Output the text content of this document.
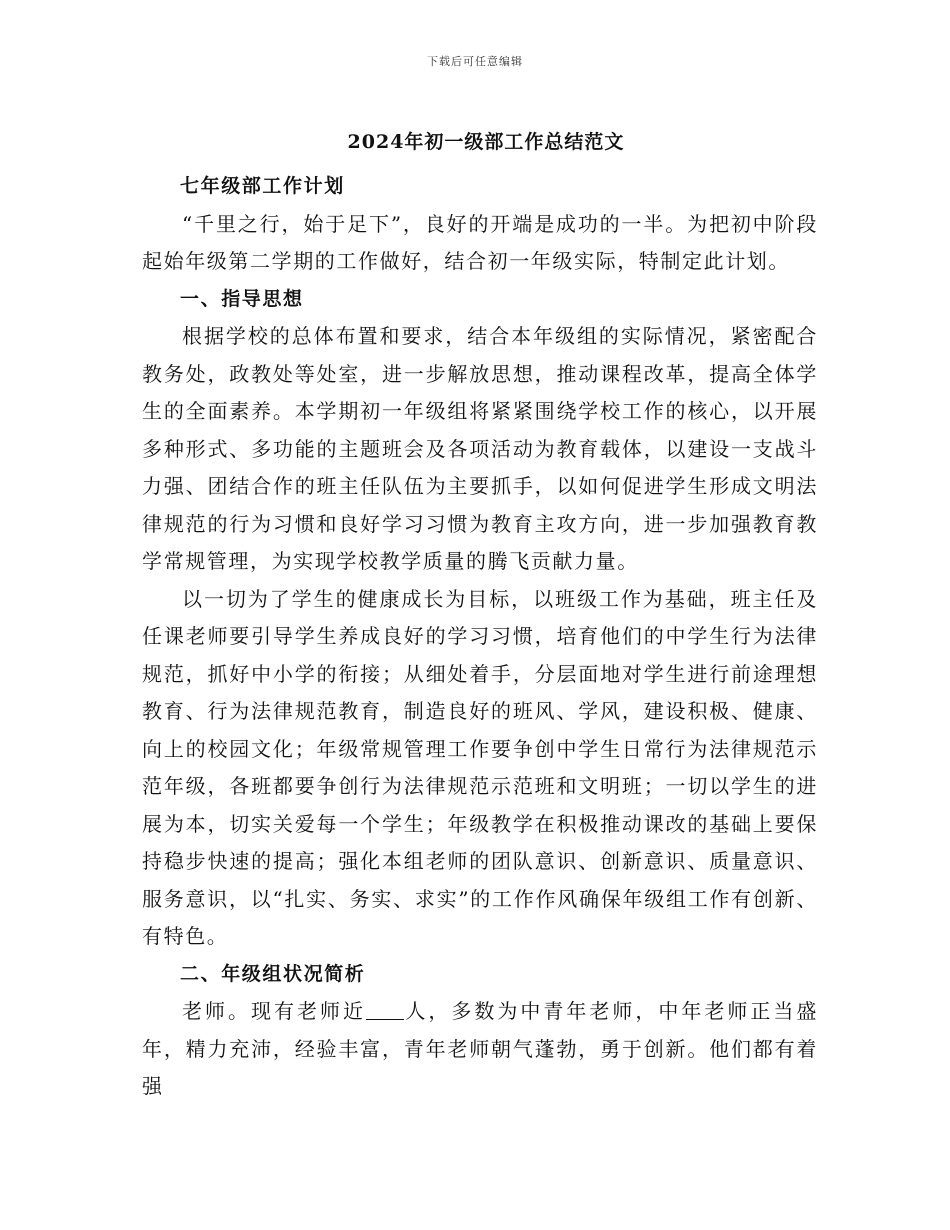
下载后可任意编辑
2024年初一级部工作总结范文

七年级部工作计划

“千里之行，始于足下”，良好的开端是成功的一半。为把初中阶段起始年级第二学期的工作做好，结合初一年级实际，特制定此计划。

一、指导思想

根据学校的总体布置和要求，结合本年级组的实际情况，紧密配合教务处，政教处等处室，进一步解放思想，推动课程改革，提高全体学生的全面素养。本学期初一年级组将紧紧围绕学校工作的核心，以开展多种形式、多功能的主题班会及各项活动为教育载体，以建设一支战斗力强、团结合作的班主任队伍为主要抓手，以如何促进学生形成文明法律规范的行为习惯和良好学习习惯为教育主攻方向，进一步加强教育教学常规管理，为实现学校教学质量的腾飞贡献力量。

以一切为了学生的健康成长为目标，以班级工作为基础，班主任及任课老师要引导学生养成良好的学习习惯，培育他们的中学生行为法律规范，抓好中小学的衔接；从细处着手，分层面地对学生进行前途理想教育、行为法律规范教育，制造良好的班风、学风，建设积极、健康、向上的校园文化；年级常规管理工作要争创中学生日常行为法律规范示范年级，各班都要争创行为法律规范示范班和文明班；一切以学生的进展为本，切实关爱每一个学生；年级教学在积极推动课改的基础上要保持稳步快速的提高；强化本组老师的团队意识、创新意识、质量意识、服务意识，以“扎实、务实、求实”的工作作风确保年级组工作有创新、有特色。

二、年级组状况简析

老师。现有老师近 人，多数为中青年老师，中年老师正当盛年，精力充沛，经验丰富，青年老师朝气蓬勃，勇于创新。他们都有着强
